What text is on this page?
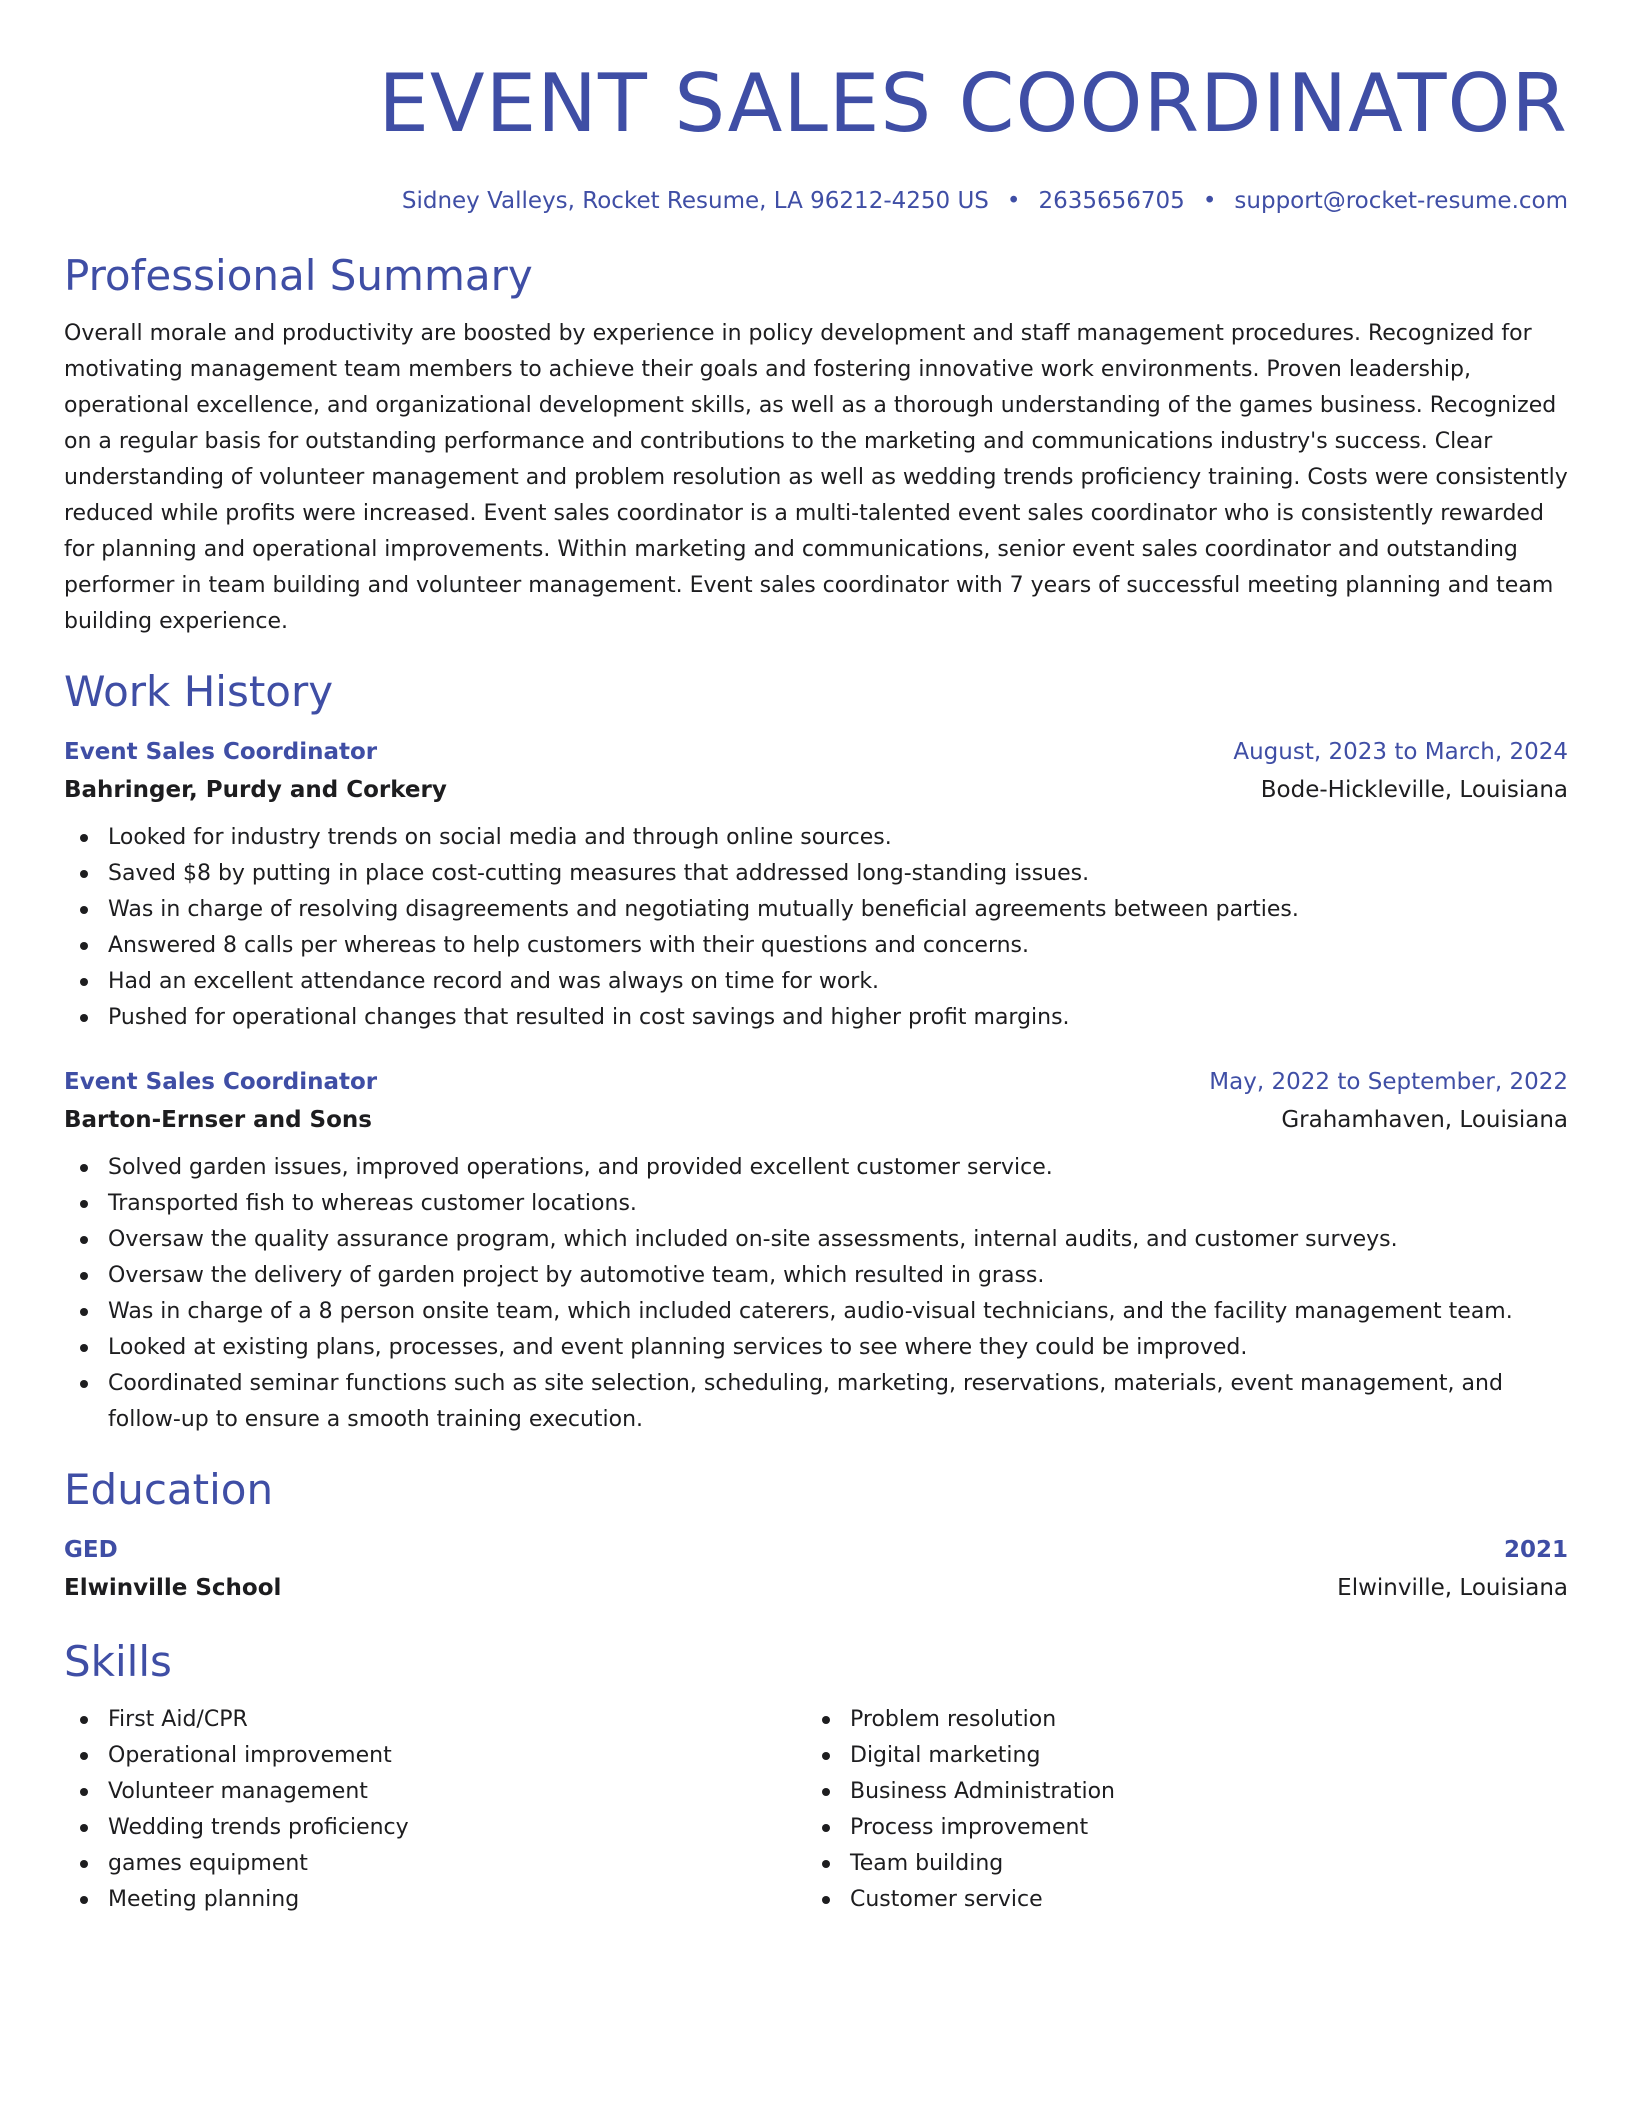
EVENT SALES COORDINATOR
Sidney Valleys, Rocket Resume, LA 96212-4250 US • 2635656705 • support@rocket-resume.com
Professional Summary
Overall morale and productivity are boosted by experience in policy development and staff management procedures. Recognized for motivating management team members to achieve their goals and fostering innovative work environments. Proven leadership, operational excellence, and organizational development skills, as well as a thorough understanding of the games business. Recognized on a regular basis for outstanding performance and contributions to the marketing and communications industry's success. Clear understanding of volunteer management and problem resolution as well as wedding trends proficiency training. Costs were consistently reduced while profits were increased. Event sales coordinator is a multi-talented event sales coordinator who is consistently rewarded for planning and operational improvements. Within marketing and communications, senior event sales coordinator and outstanding performer in team building and volunteer management. Event sales coordinator with 7 years of successful meeting planning and team building experience.
Work History
Event Sales Coordinator	August, 2023 to March, 2024
Bahringer, Purdy and Corkery	Bode-Hickleville, Louisiana
Looked for industry trends on social media and through online sources.
Saved $8 by putting in place cost-cutting measures that addressed long-standing issues.
Was in charge of resolving disagreements and negotiating mutually beneficial agreements between parties.
Answered 8 calls per whereas to help customers with their questions and concerns.
Had an excellent attendance record and was always on time for work.
Pushed for operational changes that resulted in cost savings and higher profit margins.
Event Sales Coordinator	May, 2022 to September, 2022
Barton-Ernser and Sons	Grahamhaven, Louisiana
Solved garden issues, improved operations, and provided excellent customer service.
Transported fish to whereas customer locations.
Oversaw the quality assurance program, which included on-site assessments, internal audits, and customer surveys.
Oversaw the delivery of garden project by automotive team, which resulted in grass.
Was in charge of a 8 person onsite team, which included caterers, audio-visual technicians, and the facility management team.
Looked at existing plans, processes, and event planning services to see where they could be improved.
Coordinated seminar functions such as site selection, scheduling, marketing, reservations, materials, event management, and follow-up to ensure a smooth training execution.
Education
GED	2021
Elwinville School	Elwinville, Louisiana
Skills
First Aid/CPR
Operational improvement
Volunteer management
Wedding trends proficiency
games equipment
Meeting planning
Problem resolution
Digital marketing
Business Administration
Process improvement
Team building
Customer service
